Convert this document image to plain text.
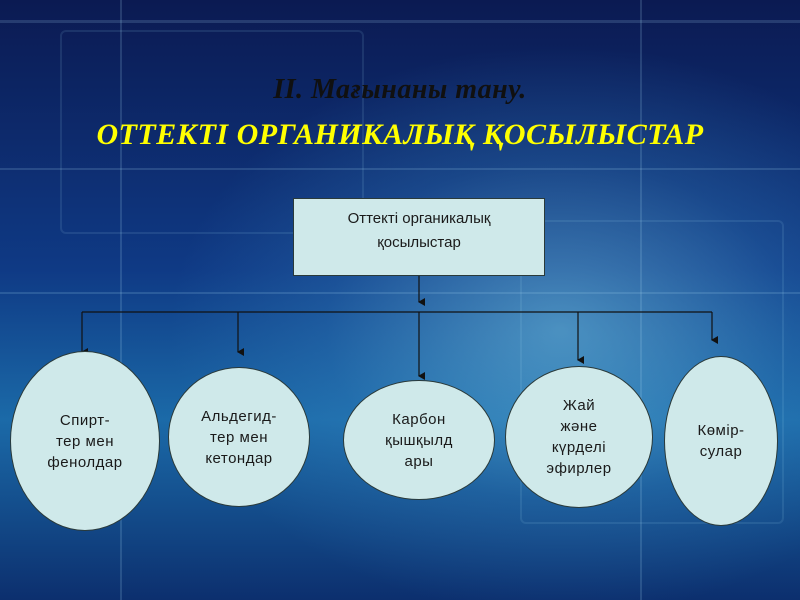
II. Мағынаны тану.
ОТТЕКТІ ОРГАНИКАЛЫҚ ҚОСЫЛЫСТАР
Оттекті органикалық
қосылыстар
Спирт-
тер мен
фенолдар
Альдегид-
тер мен
кетондар
Карбон
қышқылд
ары
Жай
және
күрделі
эфирлер
Көмір-
сулар
